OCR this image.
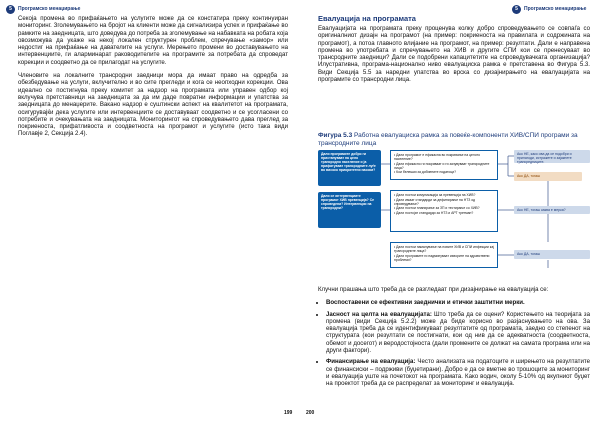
5	Програмско менаџирање

Секоја промена во прифаќањето на услугите може да се констатира преку континуиран мониторинг. Зголемувањето на бројот на клиенти може да сигнализира успех и прифаќање во рамките на заедницата, што доведува до потреба за зголемување на набавката на робата која овозможува да укаже на некој локален структурен проблем, спречување «замор» или недостиг на прифаќање на давателите на услуги. Мерењето промени во доставувањето на интервенциите, ги аларминарат раководителите на програмите за потребата да спроведат корекции и соодветно да се прилагодат на услугите.

Членовите на локалните трансродни заедници мора да имаат право на одредба за обезбедување на услуги, вклучително и во сите прегледи и кога се неопходни корекции. Ова идеално се постигнува преку комитет за надзор на програмата или управен одбор кој вклучува претставници на заедницата за да им даде повратни информации и упатства за заедницата до менаџерите. Вакано надзор е суштински аспект на квалитетот на програмата, осигурувајќи дека услугите или интервенциите се доставуваат соодветно и се усогласени со потребите и очекувањата на заедницата. Мониторингот на спроведувањето дава преглед за покриеноста, прифатливоста и соодветноста на програмот и услугите (исто така види Поглавје 2, Секција 2.4).

199
5	Програмско менаџирање
Евалуација на програмата
Евалуацијата на програмата преку проценува колку добро спроведувањето се совпаѓа со оригиналниот дизајн на програмот (на пример: покриеноста на правилата и содржината на програмот), а потоа главното влијание на програмот, на пример: резултати. Дали е направена промена во употребата и спречувањето на ХИВ и другите СПИ кои се пренесуваат во трансродните заедници? Дали се подобрени капацитетите на спроведувачката организација? Илустративна, програма-национално ниво евалуациска рамка е претставена во Фигура 5.3. Види Секција 5.5 за нарeдни упатства во врска со дизајнирањето на евалуацијата на програмите со трансродни лица.
Фигура 5.3 Работна евалуациска рамка за повеќе-компоненти ХИВ/СПИ програми за трансродните лица
Дали програмите добро ги пристапуваат на цело трансродно население и ја прифатуваат трансродните луѓе во високо приоритетни насоки?
• Дали програмот е ефикасна во покривање на целото население?
• Дали ефикасно ги покриваат и ги зачувуваат трансродните лица?
• Кои белешки за добиените податоци?
Ако НЕ, како ова да се подобри и прилагоди, истражете и зајакнете трансредниците.
Ако ДА, тогаш
Дали се интервенциите програмот ХИВ превенција? Се спроведени? Интервенции на трансродни?
• Дали постои комуникација за превенција на ХИВ?
• Дали имаат стандарди за дефинирање на НТЗ од спроведување?
• Дали постои планирање за ЗП и тестирање со ХИВ?
• Дали постојат стандарди за НТЗ и АРТ третман?
Ако НЕ, тогаш каква е мерка?
• Дали постои намалување на новите ХИВ и СПИ инфекции кај трансродните лица?
• Дали програмите ги надминуваат изворите на здравствени проблеми?
Ако ДА, тогаш

Клучни прашања што треба да се разгледаат при дизајнирање на евалуација се:

• Воспоставени се ефективни заеднички и етички заштитни мерки.
• Јасност на целта на евалуацијата: Што треба да се оцени? Користењето на теоријата за промена (види Секција 5.2.2) може да биде корисно во разјаснувањето на ова. За евалуација треба да се идентификуваат резултатите од програмата, заедно со степенот на структурата (кои резултати се постигнати, кои од нив да се адекватноста (соодветноста, обемот и досегот) и веродостојноста (дали промените се должат на самата програма или на други фактори).
• Финансирање на евалуација: Често анализата на податоците и ширењето на резултатите се финансиски – подрживи (буџетирани). Добро е да се вметне во трошоците за мониторинг и евалуација уште на почетокот на програмата. Како водич, околу 5-10% од вкупниот буџет на проектот треба да се распределат за мониторинг и евалуација.
200
